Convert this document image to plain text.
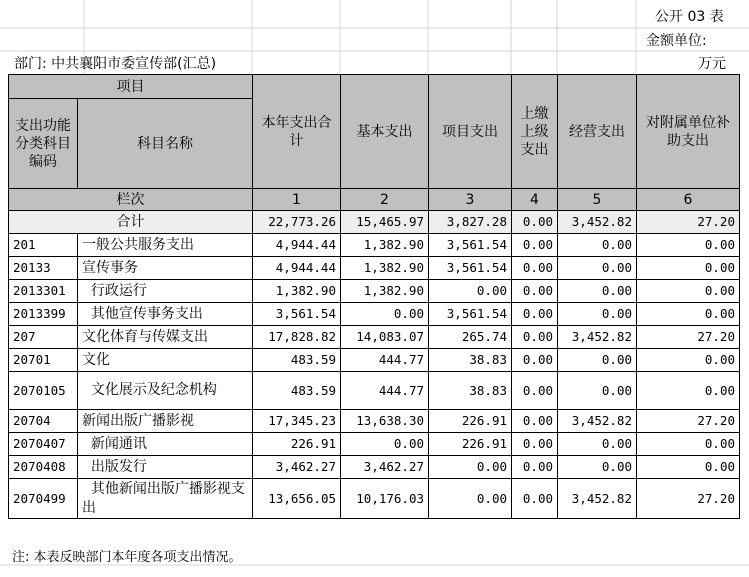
公开 03 表
金额单位:
部门: 中共襄阳市委宣传部(汇总)	万元
项目		本年支出合计	基本支出	项目支出	上缴上级支出	经营支出	对附属单位补助支出
支出功能分类科目编码	科目名称						
栏次		1	2	3	4	5	6
合计		22,773.26	15,465.97	3,827.28	0.00	3,452.82	27.20
201	一般公共服务支出	4,944.44	1,382.90	3,561.54	0.00	0.00	0.00
20133	宣传事务	4,944.44	1,382.90	3,561.54	0.00	0.00	0.00
2013301	行政运行	1,382.90	1,382.90	0.00	0.00	0.00	0.00
2013399	其他宣传事务支出	3,561.54	0.00	3,561.54	0.00	0.00	0.00
207	文化体育与传媒支出	17,828.82	14,083.07	265.74	0.00	3,452.82	27.20
20701	文化	483.59	444.77	38.83	0.00	0.00	0.00
2070105	文化展示及纪念机构	483.59	444.77	38.83	0.00	0.00	0.00
20704	新闻出版广播影视	17,345.23	13,638.30	226.91	0.00	3,452.82	27.20
2070407	新闻通讯	226.91	0.00	226.91	0.00	0.00	0.00
2070408	出版发行	3,462.27	3,462.27	0.00	0.00	0.00	0.00
2070499	其他新闻出版广播影视支出	13,656.05	10,176.03	0.00	0.00	3,452.82	27.20
注: 本表反映部门本年度各项支出情况。
